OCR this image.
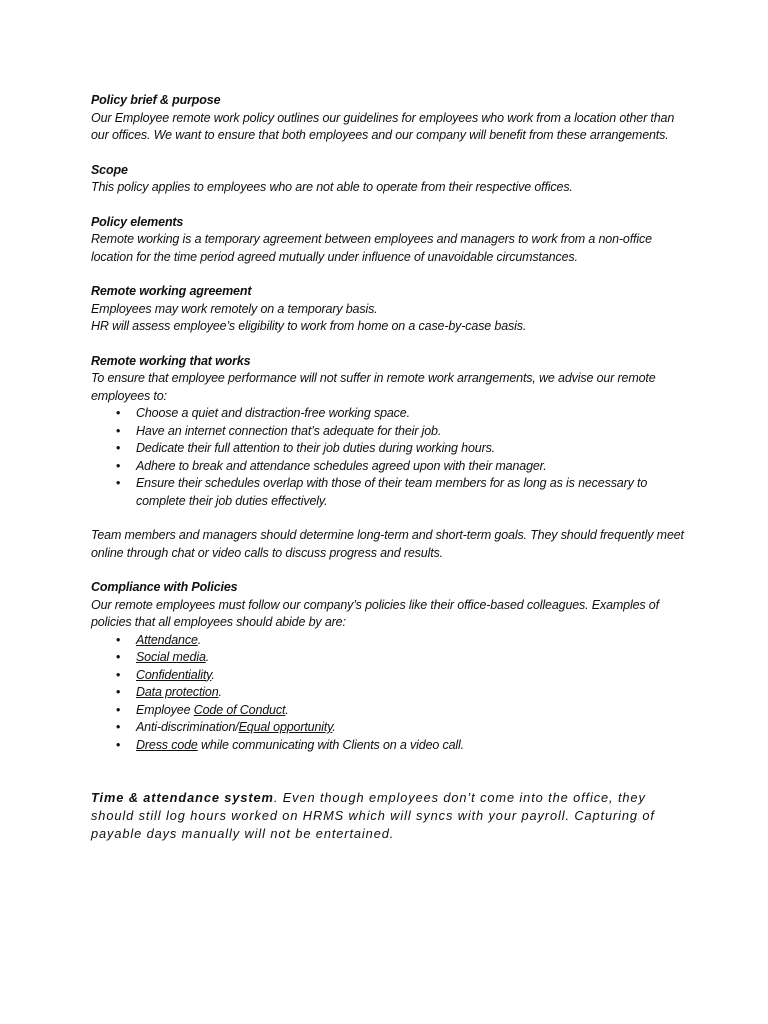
Policy brief & purpose

Our Employee remote work policy outlines our guidelines for employees who work from a location other than our offices. We want to ensure that both employees and our company will benefit from these arrangements.

Scope

This policy applies to employees who are not able to operate from their respective offices.

Policy elements

Remote working is a temporary agreement between employees and managers to work from a non-office location for the time period agreed mutually under influence of unavoidable circumstances.

Remote working agreement

Employees may work remotely on a temporary basis.

HR will assess employee’s eligibility to work from home on a case-by-case basis.

Remote working that works

To ensure that employee performance will not suffer in remote work arrangements, we advise our remote employees to:

• Choose a quiet and distraction-free working space.
• Have an internet connection that’s adequate for their job.
• Dedicate their full attention to their job duties during working hours.
• Adhere to break and attendance schedules agreed upon with their manager.
• Ensure their schedules overlap with those of their team members for as long as is necessary to complete their job duties effectively.

Team members and managers should determine long-term and short-term goals. They should frequently meet online through chat or video calls to discuss progress and results.

Compliance with Policies

Our remote employees must follow our company’s policies like their office-based colleagues. Examples of policies that all employees should abide by are:

• Attendance.
• Social media.
• Confidentiality.
• Data protection.
• Employee Code of Conduct.
• Anti-discrimination/Equal opportunity.
• Dress code while communicating with Clients on a video call.

Time & attendance system. Even though employees don’t come into the office, they should still log hours worked on HRMS which will syncs with your payroll. Capturing of payable days manually will not be entertained.
